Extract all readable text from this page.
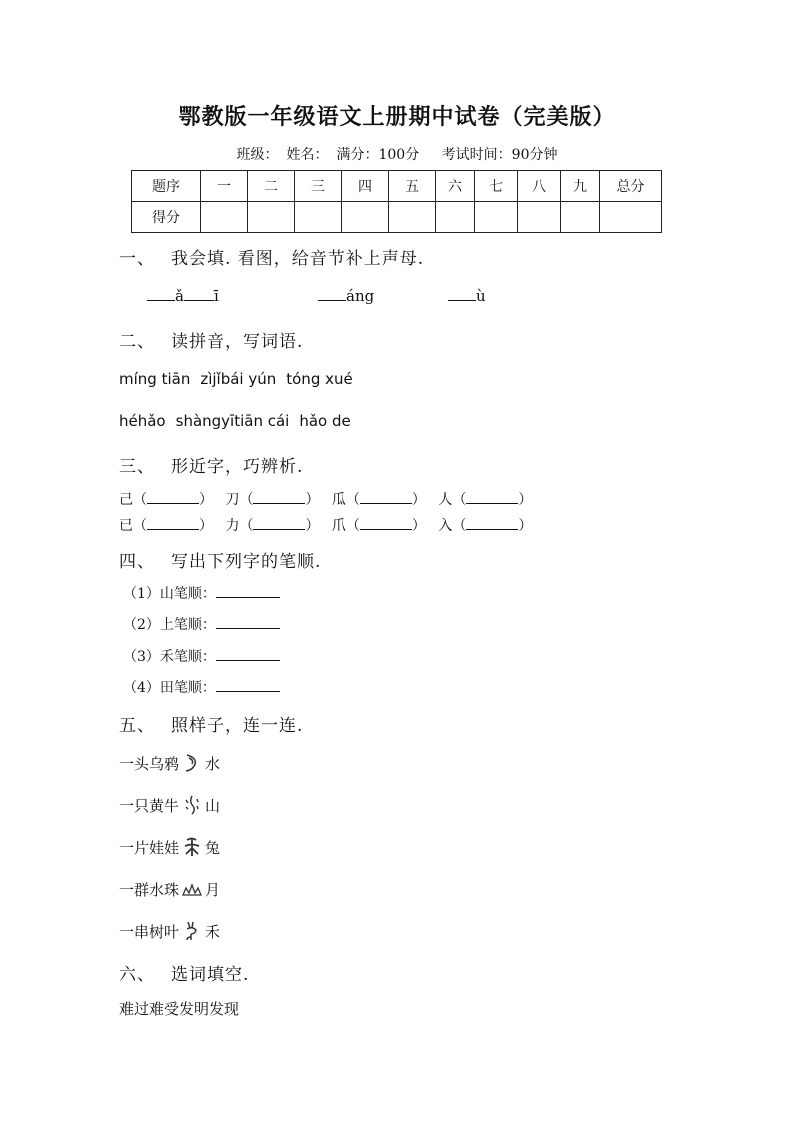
鄂教版一年级语文上册期中试卷（完美版）
班级： 姓名： 满分：100分 考试时间：90分钟
题序	一	二	三	四	五	六	七	八	九	总分
得分										
一、 我会填. 看图，给音节补上声母.
ǎ ī	áng	ù
二、 读拼音，写词语.
míng tiān zìjǐbái yún tóng xué
héhǎo shàngyītiān cái hǎo de
三、 形近字，巧辨析.
己（	） 刀（	） 瓜（	） 人（	）
已（	） 力（	） 爪（	） 入（	）
四、 写出下列字的笔顺.
（1）山笔顺：
（2）上笔顺：
（3）禾笔顺：
（4）田笔顺：
五、 照样子，连一连.
一头乌鸦 水
一只黄牛 山
一片娃娃 兔
一群水珠 月
一串树叶 禾
六、 选词填空.
难过难受发明发现
